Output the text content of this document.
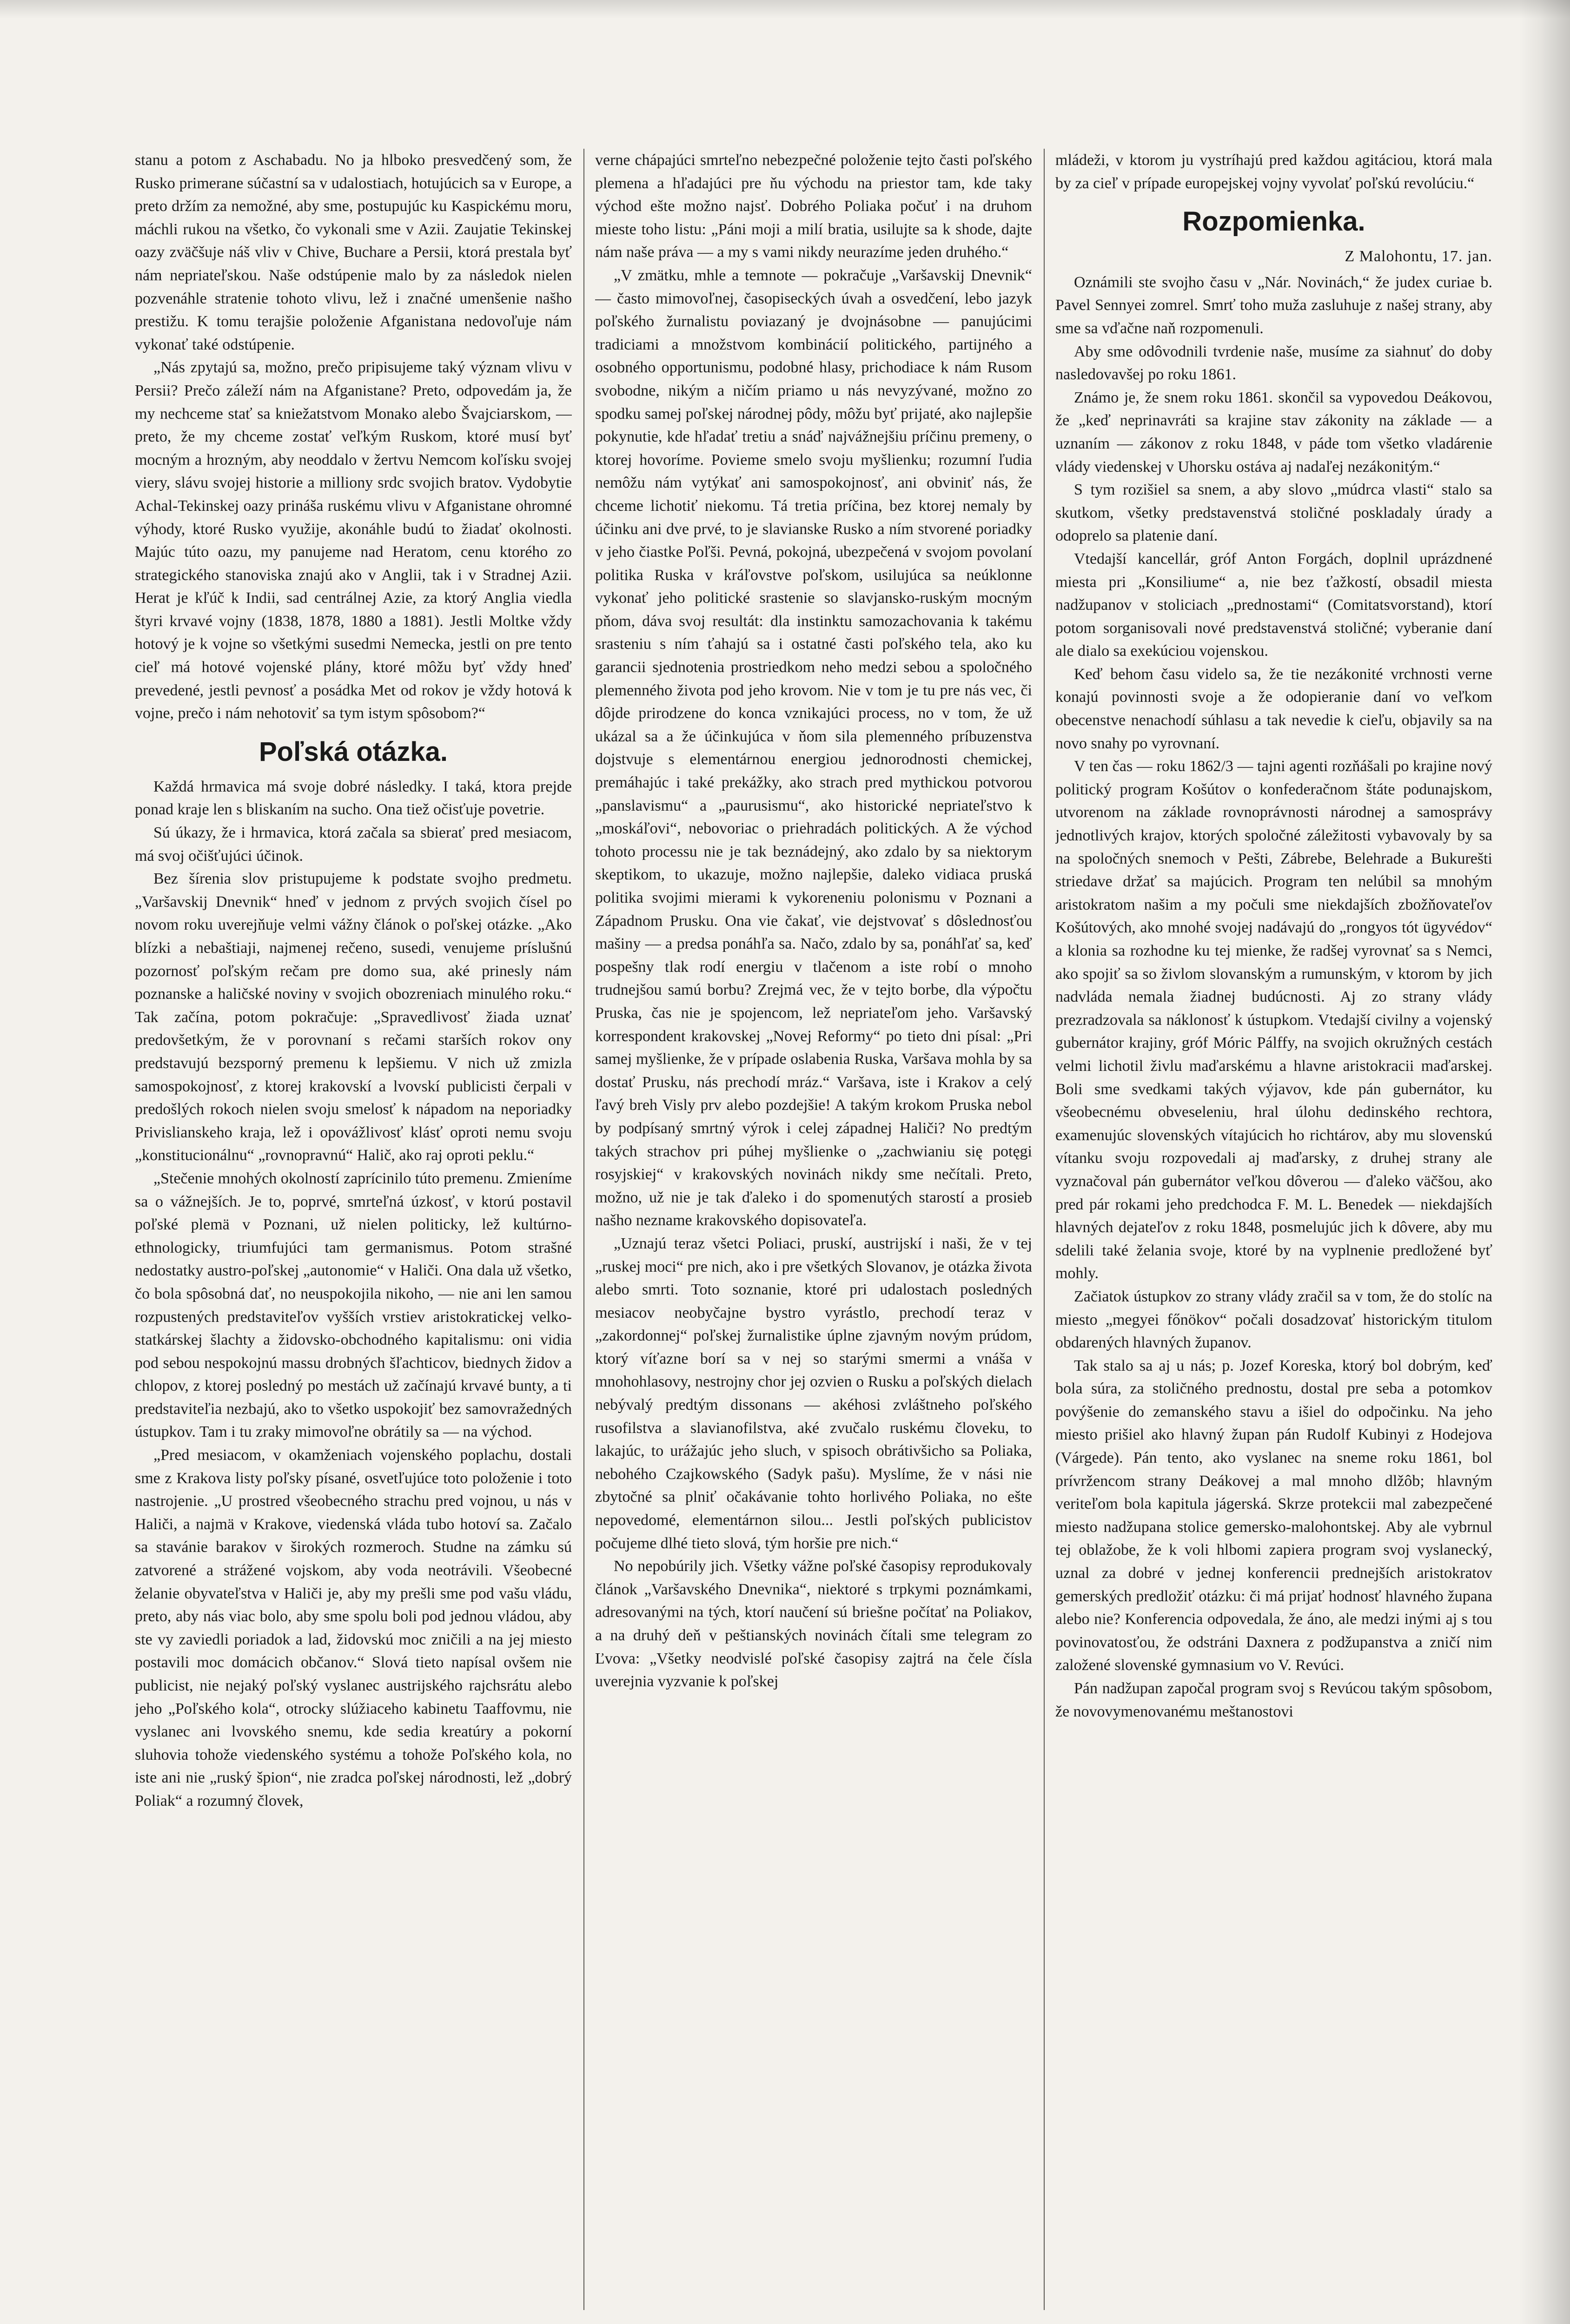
stanu a potom z Aschabadu. No ja hlboko presvedčený som, že Rusko primerane súčastní sa v udalostiach, hotujúcich sa v Europe, a preto držím za nemožné, aby sme, postupujúc ku Kaspickému moru, máchli rukou na všetko, čo vykonali sme v Azii. Zaujatie Tekinskej oazy zväčšuje náš vliv v Chive, Buchare a Persii, ktorá prestala byť nám nepriateľskou. Naše odstúpenie malo by za následok nielen pozvenáhle stratenie tohoto vlivu, lež i značné umenšenie našho prestižu. K tomu terajšie položenie Afganistana nedovoľuje nám vykonať také odstúpenie.

„Nás zpytajú sa, možno, prečo pripisujeme taký význam vlivu v Persii? Prečo záleží nám na Afganistane? Preto, odpovedám ja, že my nechceme stať sa kniežatstvom Monako alebo Švajciarskom, — preto, že my chceme zostať veľkým Ruskom, ktoré musí byť mocným a hrozným, aby neoddalo v žertvu Nemcom koľísku svojej viery, slávu svojej historie a milliony srdc svojich bratov. Vydobytie Achal-Tekinskej oazy prináša ruskému vlivu v Afganistane ohromné výhody, ktoré Rusko využije, akonáhle budú to žiadať okolnosti. Majúc túto oazu, my panujeme nad Heratom, cenu ktorého zo strategického stanoviska znajú ako v Anglii, tak i v Stradnej Azii. Herat je kľúč k Indii, sad centrálnej Azie, za ktorý Anglia viedla štyri krvavé vojny (1838, 1878, 1880 a 1881). Jestli Moltke vždy hotový je k vojne so všetkými susedmi Nemecka, jestli on pre tento cieľ má hotové vojenské plány, ktoré môžu byť vždy hneď prevedené, jestli pevnosť a posádka Met od rokov je vždy hotová k vojne, prečo i nám nehotoviť sa tym istym spôsobom?“

Poľská otázka.

Každá hrmavica má svoje dobré následky. I taká, ktora prejde ponad kraje len s bliskaním na sucho. Ona tiež očisťuje povetrie.

Sú úkazy, že i hrmavica, ktorá začala sa sbierať pred mesiacom, má svoj očišťujúci účinok.

Bez šírenia slov pristupujeme k podstate svojho predmetu. „Varšavskij Dnevnik“ hneď v jednom z prvých svojich čísel po novom roku uverejňuje velmi vážny článok o poľskej otázke. „Ako blízki a nebaštiaji, najmenej rečeno, susedi, venujeme príslušnú pozornosť poľským rečam pre domo sua, aké prinesly nám poznanske a haličské noviny v svojich obozreniach minulého roku.“ Tak začína, potom pokračuje: „Spravedlivosť žiada uznať predovšetkým, že v porovnaní s rečami starších rokov ony predstavujú bezsporný premenu k lepšiemu. V nich už zmizla samospokojnosť, z ktorej krakovskí a lvovskí publicisti čerpali v predošlých rokoch nielen svoju smelosť k nápadom na neporiadky Privislianskeho kraja, lež i opovážlivosť klásť oproti nemu svoju „konstitucionálnu“ „rovnopravnú“ Halič, ako raj oproti peklu.“

„Stečenie mnohých okolností zaprícinilo túto premenu. Zmieníme sa o vážnejších. Je to, poprvé, smrteľná úzkosť, v ktorú postavil poľské plemä v Poznani, už nielen politicky, lež kultúrno-ethnologicky, triumfujúci tam germanismus. Potom strašné nedostatky austro-poľskej „autonomie“ v Haliči. Ona dala už všetko, čo bola spôsobná dať, no neuspokojila nikoho, — nie ani len samou rozpustených predstaviteľov vyšších vrstiev aristokratickej velko-statkárskej šlachty a židovsko-obchodného kapitalismu: oni vidia pod sebou nespokojnú massu drobných šľachticov, biednych židov a chlopov, z ktorej posledný po mestách už začínajú krvavé bunty, a ti predstaviteľia nezbajú, ako to všetko uspokojiť bez samovražedných ústupkov. Tam i tu zraky mimovoľne obrátily sa — na východ.

„Pred mesiacom, v okamženiach vojenského poplachu, dostali sme z Krakova listy poľsky písané, osvetľujúce toto položenie i toto nastrojenie. „U prostred všeobecného strachu pred vojnou, u nás v Haliči, a najmä v Krakove, viedenská vláda tubo hotoví sa. Začalo sa stavánie barakov v širokých rozmeroch. Studne na zámku sú zatvorené a strážené vojskom, aby voda neotrávili. Všeobecné želanie obyvateľstva v Haliči je, aby my prešli sme pod vašu vládu, preto, aby nás viac bolo, aby sme spolu boli pod jednou vládou, aby ste vy zaviedli poriadok a lad, židovskú moc zničili a na jej miesto postavili moc domácich občanov.“ Slová tieto napísal ovšem nie publicist, nie nejaký poľský vyslanec austrijského rajchsrátu alebo jeho „Poľského kola“, otrocky slúžiaceho kabinetu Taaffovmu, nie vyslanec ani lvovského snemu, kde sedia kreatúry a pokorní sluhovia tohože viedenského systému a tohože Poľského kola, no iste ani nie „ruský špion“, nie zradca poľskej národnosti, lež „dobrý Poliak“ a rozumný človek,

verne chápajúci smrteľno nebezpečné položenie tejto časti poľského plemena a hľadajúci pre ňu východu na priestor tam, kde taky východ ešte možno najsť. Dobrého Poliaka počuť i na druhom mieste toho listu: „Páni moji a milí bratia, usilujte sa k shode, dajte nám naše práva — a my s vami nikdy neurazíme jeden druhého.“

„V zmätku, mhle a temnote — pokračuje „Varšavskij Dnevnik“ — často mimovoľnej, časopiseckých úvah a osvedčení, lebo jazyk poľského žurnalistu poviazaný je dvojnásobne — panujúcimi tradiciami a množstvom kombinácií politického, partijného a osobného opportunismu, podobné hlasy, prichodiace k nám Rusom svobodne, nikým a ničím priamo u nás nevyzývané, možno zo spodku samej poľskej národnej pôdy, môžu byť prijaté, ako najlepšie pokynutie, kde hľadať tretiu a snáď najvážnejšiu príčinu premeny, o ktorej hovoríme. Povieme smelo svoju myšlienku; rozumní ľudia nemôžu nám vytýkať ani samospokojnosť, ani obviniť nás, že chceme lichotiť niekomu. Tá tretia príčina, bez ktorej nemaly by účinku ani dve prvé, to je slavianske Rusko a ním stvorené poriadky v jeho čiastke Poľši. Pevná, pokojná, ubezpečená v svojom povolaní politika Ruska v kráľovstve poľskom, usilujúca sa neúklonne vykonať jeho politické srastenie so slavjansko-ruským mocným pňom, dáva svoj resultát: dla instinktu samozachovania k takému srasteniu s ním ťahajú sa i ostatné časti poľského tela, ako ku garancii sjednotenia prostriedkom neho medzi sebou a spoločného plemenného života pod jeho krovom. Nie v tom je tu pre nás vec, či dôjde prirodzene do konca vznikajúci process, no v tom, že už ukázal sa a že účinkujúca v ňom sila plemenného príbuzenstva dojstvuje s elementárnou energiou jednorodnosti chemickej, premáhajúc i také prekážky, ako strach pred mythickou potvorou „panslavismu“ a „paurusismu“, ako historické nepriateľstvo k „moskáľovi“, nebovoriac o priehradách politických. A že východ tohoto processu nie je tak beznádejný, ako zdalo by sa niektorym skeptikom, to ukazuje, možno najlepšie, daleko vidiaca pruská politika svojimi mierami k vykoreneniu polonismu v Poznani a Západnom Prusku. Ona vie čakať, vie dejstvovať s dôslednosťou mašiny — a predsa ponáhľa sa. Načo, zdalo by sa, ponáhľať sa, keď pospešny tlak rodí energiu v tlačenom a iste robí o mnoho trudnejšou samú borbu? Zrejmá vec, že v tejto borbe, dla výpočtu Pruska, čas nie je spojencom, lež nepriateľom jeho. Varšavský korrespondent krakovskej „Novej Reformy“ po tieto dni písal: „Pri samej myšlienke, že v prípade oslabenia Ruska, Varšava mohla by sa dostať Prusku, nás prechodí mráz.“ Varšava, iste i Krakov a celý ľavý breh Visly prv alebo pozdejšie! A takým krokom Pruska nebol by podpísaný smrtný výrok i celej západnej Haliči? No predtým takých strachov pri púhej myšlienke o „zachwianiu się potęgi rosyjskiej“ v krakovských novinách nikdy sme nečítali. Preto, možno, už nie je tak ďaleko i do spomenutých starostí a prosieb našho nezname krakovského dopisovateľa.

„Uznajú teraz všetci Poliaci, pruskí, austrijskí i naši, že v tej „ruskej moci“ pre nich, ako i pre všetkých Slovanov, je otázka života alebo smrti. Toto soznanie, ktoré pri udalostach posledných mesiacov neobyčajne bystro vyrástlo, prechodí teraz v „zakordonnej“ poľskej žurnalistike úplne zjavným novým prúdom, ktorý víťazne borí sa v nej so starými smermi a vnáša v mnohohlasovy, nestrojny chor jej ozvien o Rusku a poľských dielach nebývalý predtým dissonans — akéhosi zvláštneho poľského rusofilstva a slavianofilstva, aké zvučalo ruskému človeku, to lakajúc, to urážajúc jeho sluch, v spisoch obrátivšicho sa Poliaka, nebohého Czajkowského (Sadyk pašu). Myslíme, že v nási nie zbytočné sa plniť očakávanie tohto horlivého Poliaka, no ešte nepovedomé, elementárnon silou... Jestli poľských publicistov počujeme dlhé tieto slová, tým horšie pre nich.“

No nepobúrily jich. Všetky vážne poľské časopisy reprodukovaly článok „Varšavského Dnevnika“, niektoré s trpkymi poznámkami, adresovanými na tých, ktorí naučení sú briešne počítať na Poliakov, a na druhý deň v peštianských novinách čítali sme telegram zo Ľvova: „Všetky neodvislé poľské časopisy zajtrá na čele čísla uverejnia vyzvanie k poľskej

mládeži, v ktorom ju vystríhajú pred každou agitáciou, ktorá mala by za cieľ v prípade europejskej vojny vyvolať poľskú revolúciu.“

Rozpomienka.

Z Malohontu, 17. jan.

Oznámili ste svojho času v „Nár. Novinách,“ že judex curiae b. Pavel Sennyei zomrel. Smrť toho muža zasluhuje z našej strany, aby sme sa vďačne naň rozpomenuli.

Aby sme odôvodnili tvrdenie naše, musíme za siahnuť do doby nasledovavšej po roku 1861.

Známo je, že snem roku 1861. skončil sa vypovedou Deákovou, že „keď neprinavráti sa krajine stav zákonity na základe — a uznaním — zákonov z roku 1848, v páde tom všetko vladárenie vlády viedenskej v Uhorsku ostáva aj nadaľej nezákonitým.“

S tym rozišiel sa snem, a aby slovo „múdrca vlasti“ stalo sa skutkom, všetky predstavenstvá stoličné poskladaly úrady a odoprelo sa platenie daní.

Vtedajší kancellár, gróf Anton Forgách, doplnil uprázdnené miesta pri „Konsiliume“ a, nie bez ťažkostí, obsadil miesta nadžupanov v stoliciach „prednostami“ (Comitatsvorstand), ktorí potom sorganisovali nové predstavenstvá stoličné; vyberanie daní ale dialo sa exekúciou vojenskou.

Keď behom času videlo sa, že tie nezákonité vrchnosti verne konajú povinnosti svoje a že odopieranie daní vo veľkom obecenstve nenachodí súhlasu a tak nevedie k cieľu, objavily sa na novo snahy po vyrovnaní.

V ten čas — roku 1862/3 — tajni agenti rozňášali po krajine nový politický program Košútov o konfederačnom štáte podunajskom, utvorenom na základe rovnoprávnosti národnej a samosprávy jednotlivých krajov, ktorých spoločné záležitosti vybavovaly by sa na spoločných snemoch v Pešti, Zábrebe, Belehrade a Bukurešti striedave držať sa majúcich. Program ten nelúbil sa mnohým aristokratom našim a my počuli sme niekdajších zbožňovateľov Košútových, ako mnohé svojej nadávajú do „rongyos tót ügyvédov“ a klonia sa rozhodne ku tej mienke, že radšej vyrovnať sa s Nemci, ako spojiť sa so živlom slovanským a rumunským, v ktorom by jich nadvláda nemala žiadnej budúcnosti. Aj zo strany vlády prezradzovala sa náklonosť k ústupkom. Vtedajší civilny a vojenský gubernátor krajiny, gróf Móric Pálffy, na svojich okružných cestách velmi lichotil živlu maďarskému a hlavne aristokracii maďarskej. Boli sme svedkami takých výjavov, kde pán gubernátor, ku všeobecnému obveseleniu, hral úlohu dedinského rechtora, examenujúc slovenských vítajúcich ho richtárov, aby mu slovenskú vítanku svoju rozpovedali aj maďarsky, z druhej strany ale vyznačoval pán gubernátor veľkou dôverou — ďaleko väčšou, ako pred pár rokami jeho predchodca F. M. L. Benedek — niekdajších hlavných dejateľov z roku 1848, posmelujúc jich k dôvere, aby mu sdelili také želania svoje, ktoré by na vyplnenie predložené byť mohly.

Začiatok ústupkov zo strany vlády zračil sa v tom, že do stolíc na miesto „megyei főnökov“ počali dosadzovať historickým titulom obdarených hlavných županov.

Tak stalo sa aj u nás; p. Jozef Koreska, ktorý bol dobrým, keď bola súra, za stoličného prednostu, dostal pre seba a potomkov povýšenie do zemanského stavu a išiel do odpočinku. Na jeho miesto prišiel ako hlavný župan pán Rudolf Kubinyi z Hodejova (Várgede). Pán tento, ako vyslanec na sneme roku 1861, bol prívržencom strany Deákovej a mal mnoho dlžôb; hlavným veriteľom bola kapitula jágerská. Skrze protekcii mal zabezpečené miesto nadžupana stolice gemersko-malohontskej. Aby ale vybrnul tej oblažobe, že k voli hlbomi zapiera program svoj vyslanecký, uznal za dobré v jednej konferencii prednejších aristokratov gemerských predložiť otázku: či má prijať hodnosť hlavného župana alebo nie? Konferencia odpovedala, že áno, ale medzi inými aj s tou povinovatosťou, že odstráni Daxnera z podžupanstva a zničí nim založené slovenské gymnasium vo V. Revúci.

Pán nadžupan započal program svoj s Revúcou takým spôsobom, že novovymenovanému meštanostovi
